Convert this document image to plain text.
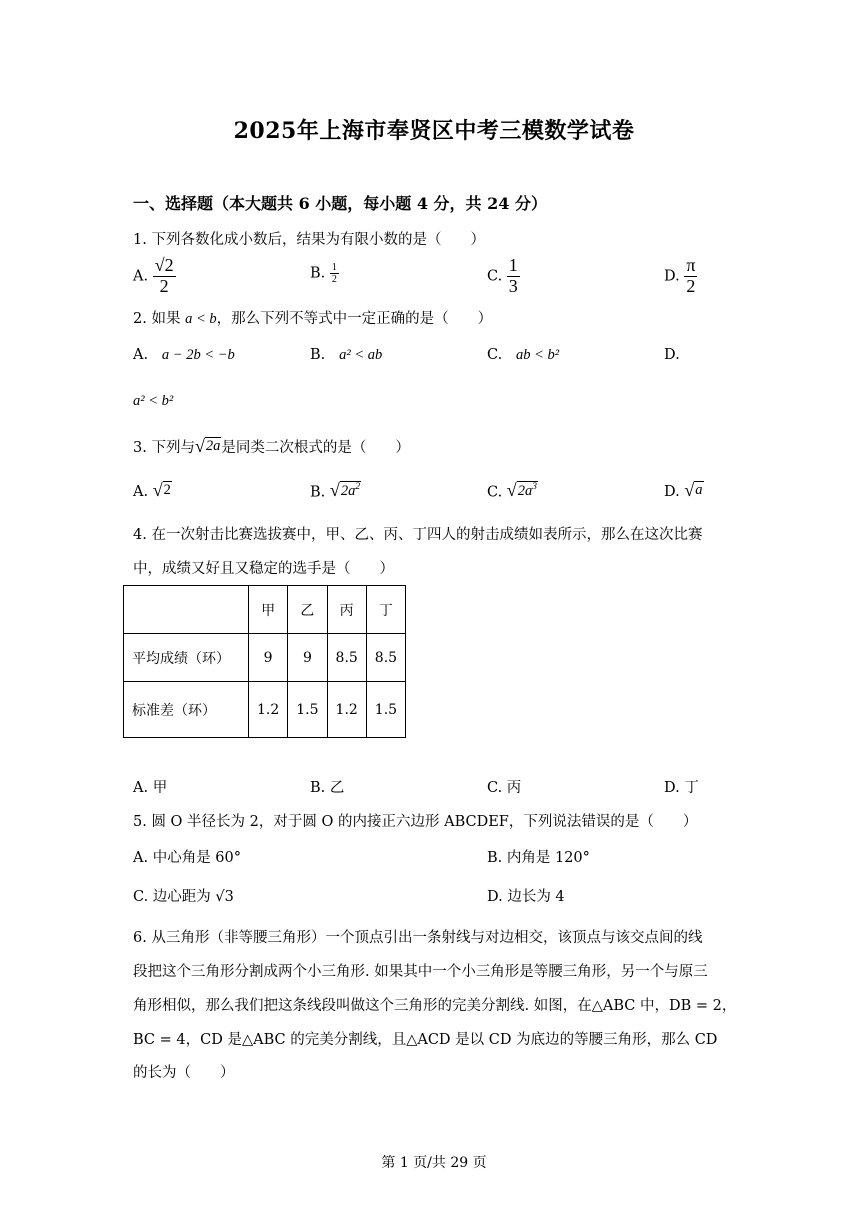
2025年上海市奉贤区中考三模数学试卷
一、选择题（本大题共 6 小题，每小题 4 分，共 24 分）
1. 下列各数化成小数后，结果为有限小数的是（　　）
A. $\frac{√2}{2}$	B. $\frac{1}{2}$	C. $\frac{1}{3}$	D. $\frac{\pi}{2}$
2. 如果 a < b，那么下列不等式中一定正确的是（　　）
A. a − 2b < −b	B. a² < ab	C. ab < b²	D.
a² < b²
3. 下列与 √ 2a 是同类二次根式的是（　　）
A. √ 2	B. √ $2a^2$	C. √ $2a^3$	D. √ a
4. 在一次射击比赛选拔赛中，甲、乙、丙、丁四人的射击成绩如表所示，那么在这次比赛
中，成绩又好且又稳定的选手是（　　）
	甲	乙	丙	丁
平均成绩（环）	9	9	8.5	8.5
标准差（环）	1.2	1.5	1.2	1.5
A. 甲	B. 乙	C. 丙	D. 丁
5. 圆 O 半径长为 2，对于圆 O 的内接正六边形 ABCDEF，下列说法错误的是（　　）
A. 中心角是 60°	B. 内角是 120°
C. 边心距为 √3	D. 边长为 4
6. 从三角形（非等腰三角形）一个顶点引出一条射线与对边相交，该顶点与该交点间的线
段把这个三角形分割成两个小三角形. 如果其中一个小三角形是等腰三角形，另一个与原三
角形相似，那么我们把这条线段叫做这个三角形的完美分割线. 如图，在△ABC 中，DB = 2，
BC = 4，CD 是△ABC 的完美分割线，且△ACD 是以 CD 为底边的等腰三角形，那么 CD
的长为（　　）
第 1 页/共 29 页
